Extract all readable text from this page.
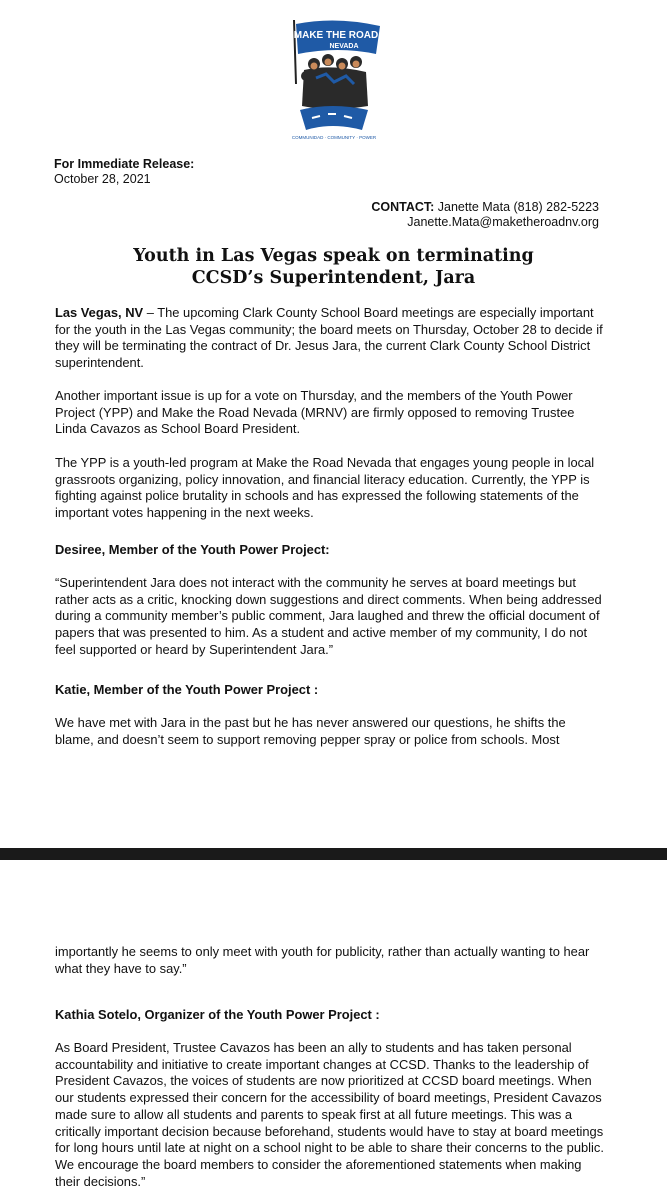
MAKE THE ROAD
NEVADA
COMMUNIDAD · COMMUNITY · POWER
For Immediate Release:
October 28, 2021
CONTACT: Janette Mata (818) 282-5223
Janette.Mata@maketheroadnv.org
Youth in Las Vegas speak on terminating
CCSD’s Superintendent, Jara

Las Vegas, NV – The upcoming Clark County School Board meetings are especially important for the youth in the Las Vegas community; the board meets on Thursday, October 28 to decide if they will be terminating the contract of Dr. Jesus Jara, the current Clark County School District superintendent.

Another important issue is up for a vote on Thursday, and the members of the Youth Power Project (YPP) and Make the Road Nevada (MRNV) are firmly opposed to removing Trustee Linda Cavazos as School Board President.

The YPP is a youth-led program at Make the Road Nevada that engages young people in local grassroots organizing, policy innovation, and financial literacy education. Currently, the YPP is fighting against police brutality in schools and has expressed the following statements of the important votes happening in the next weeks.

Desiree, Member of the Youth Power Project:

“Superintendent Jara does not interact with the community he serves at board meetings but rather acts as a critic, knocking down suggestions and direct comments. When being addressed during a community member’s public comment, Jara laughed and threw the official document of papers that was presented to him. As a student and active member of my community, I do not feel supported or heard by Superintendent Jara.”

Katie, Member of the Youth Power Project :

We have met with Jara in the past but he has never answered our questions, he shifts the blame, and doesn’t seem to support removing pepper spray or police from schools. Most

importantly he seems to only meet with youth for publicity, rather than actually wanting to hear what they have to say.”

Kathia Sotelo, Organizer of the Youth Power Project :

As Board President, Trustee Cavazos has been an ally to students and has taken personal accountability and initiative to create important changes at CCSD. Thanks to the leadership of President Cavazos, the voices of students are now prioritized at CCSD board meetings. When our students expressed their concern for the accessibility of board meetings, President Cavazos made sure to allow all students and parents to speak first at all future meetings. This was a critically important decision because beforehand, students would have to stay at board meetings for long hours until late at night on a school night to be able to share their concerns to the public. We encourage the board members to consider the aforementioned statements when making their decisions.”
